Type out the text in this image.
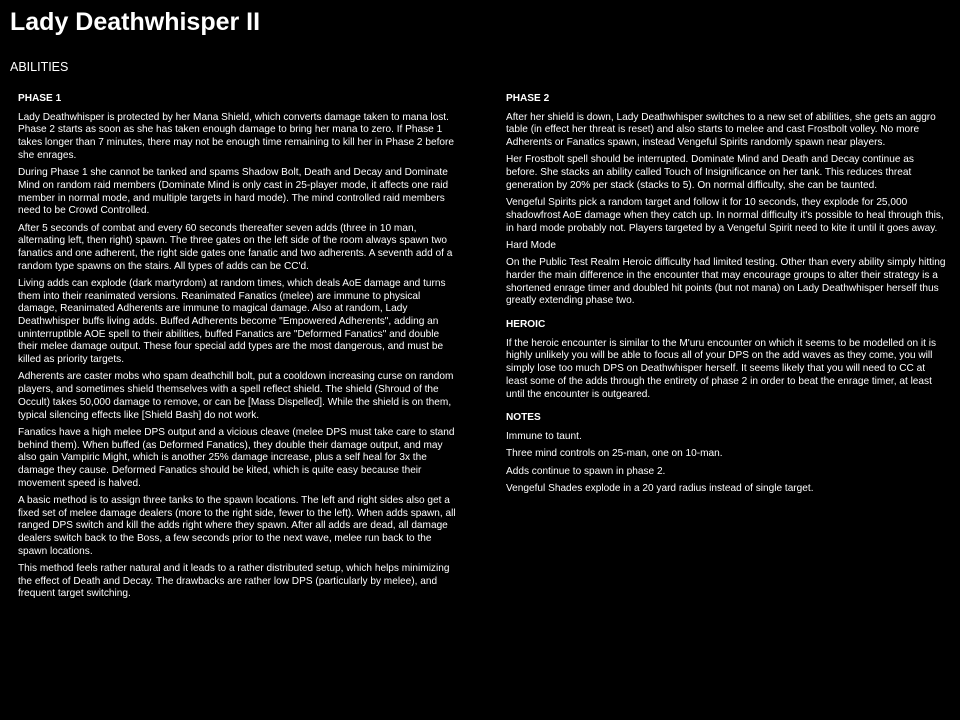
Lady Deathwhisper II
ABILITIES
PHASE 1

Lady Deathwhisper is protected by her Mana Shield, which converts damage taken to mana lost. Phase 2 starts as soon as she has taken enough damage to bring her mana to zero. If Phase 1 takes longer than 7 minutes, there may not be enough time remaining to kill her in Phase 2 before she enrages.

During Phase 1 she cannot be tanked and spams Shadow Bolt, Death and Decay and Dominate Mind on random raid members (Dominate Mind is only cast in 25-player mode, it affects one raid member in normal mode, and multiple targets in hard mode). The mind controlled raid members need to be Crowd Controlled.

After 5 seconds of combat and every 60 seconds thereafter seven adds (three in 10 man, alternating left, then right) spawn. The three gates on the left side of the room always spawn two fanatics and one adherent, the right side gates one fanatic and two adherents. A seventh add of a random type spawns on the stairs. All types of adds can be CC'd.

Living adds can explode (dark martyrdom) at random times, which deals AoE damage and turns them into their reanimated versions. Reanimated Fanatics (melee) are immune to physical damage, Reanimated Adherents are immune to magical damage. Also at random, Lady Deathwhisper buffs living adds. Buffed Adherents become "Empowered Adherents", adding an uninterruptible AOE spell to their abilities, buffed Fanatics are "Deformed Fanatics" and double their melee damage output. These four special add types are the most dangerous, and must be killed as priority targets.

Adherents are caster mobs who spam deathchill bolt, put a cooldown increasing curse on random players, and sometimes shield themselves with a spell reflect shield. The shield (Shroud of the Occult) takes 50,000 damage to remove, or can be [Mass Dispelled]. While the shield is on them, typical silencing effects like [Shield Bash] do not work.

Fanatics have a high melee DPS output and a vicious cleave (melee DPS must take care to stand behind them). When buffed (as Deformed Fanatics), they double their damage output, and may also gain Vampiric Might, which is another 25% damage increase, plus a self heal for 3x the damage they cause. Deformed Fanatics should be kited, which is quite easy because their movement speed is halved.

A basic method is to assign three tanks to the spawn locations. The left and right sides also get a fixed set of melee damage dealers (more to the right side, fewer to the left). When adds spawn, all ranged DPS switch and kill the adds right where they spawn. After all adds are dead, all damage dealers switch back to the Boss, a few seconds prior to the next wave, melee run back to the spawn locations.

This method feels rather natural and it leads to a rather distributed setup, which helps minimizing the effect of Death and Decay. The drawbacks are rather low DPS (particularly by melee), and frequent target switching.

PHASE 2

After her shield is down, Lady Deathwhisper switches to a new set of abilities, she gets an aggro table (in effect her threat is reset) and also starts to melee and cast Frostbolt volley. No more Adherents or Fanatics spawn, instead Vengeful Spirits randomly spawn near players.

Her Frostbolt spell should be interrupted. Dominate Mind and Death and Decay continue as before. She stacks an ability called Touch of Insignificance on her tank. This reduces threat generation by 20% per stack (stacks to 5). On normal difficulty, she can be taunted.

Vengeful Spirits pick a random target and follow it for 10 seconds, they explode for 25,000 shadowfrost AoE damage when they catch up. In normal difficulty it's possible to heal through this, in hard mode probably not. Players targeted by a Vengeful Spirit need to kite it until it goes away.

Hard Mode

On the Public Test Realm Heroic difficulty had limited testing. Other than every ability simply hitting harder the main difference in the encounter that may encourage groups to alter their strategy is a shortened enrage timer and doubled hit points (but not mana) on Lady Deathwhisper herself thus greatly extending phase two.

HEROIC

If the heroic encounter is similar to the M'uru encounter on which it seems to be modelled on it is highly unlikely you will be able to focus all of your DPS on the add waves as they come, you will simply lose too much DPS on Deathwhisper herself. It seems likely that you will need to CC at least some of the adds through the entirety of phase 2 in order to beat the enrage timer, at least until the encounter is outgeared.

NOTES

Immune to taunt.

Three mind controls on 25-man, one on 10-man.

Adds continue to spawn in phase 2.

Vengeful Shades explode in a 20 yard radius instead of single target.
